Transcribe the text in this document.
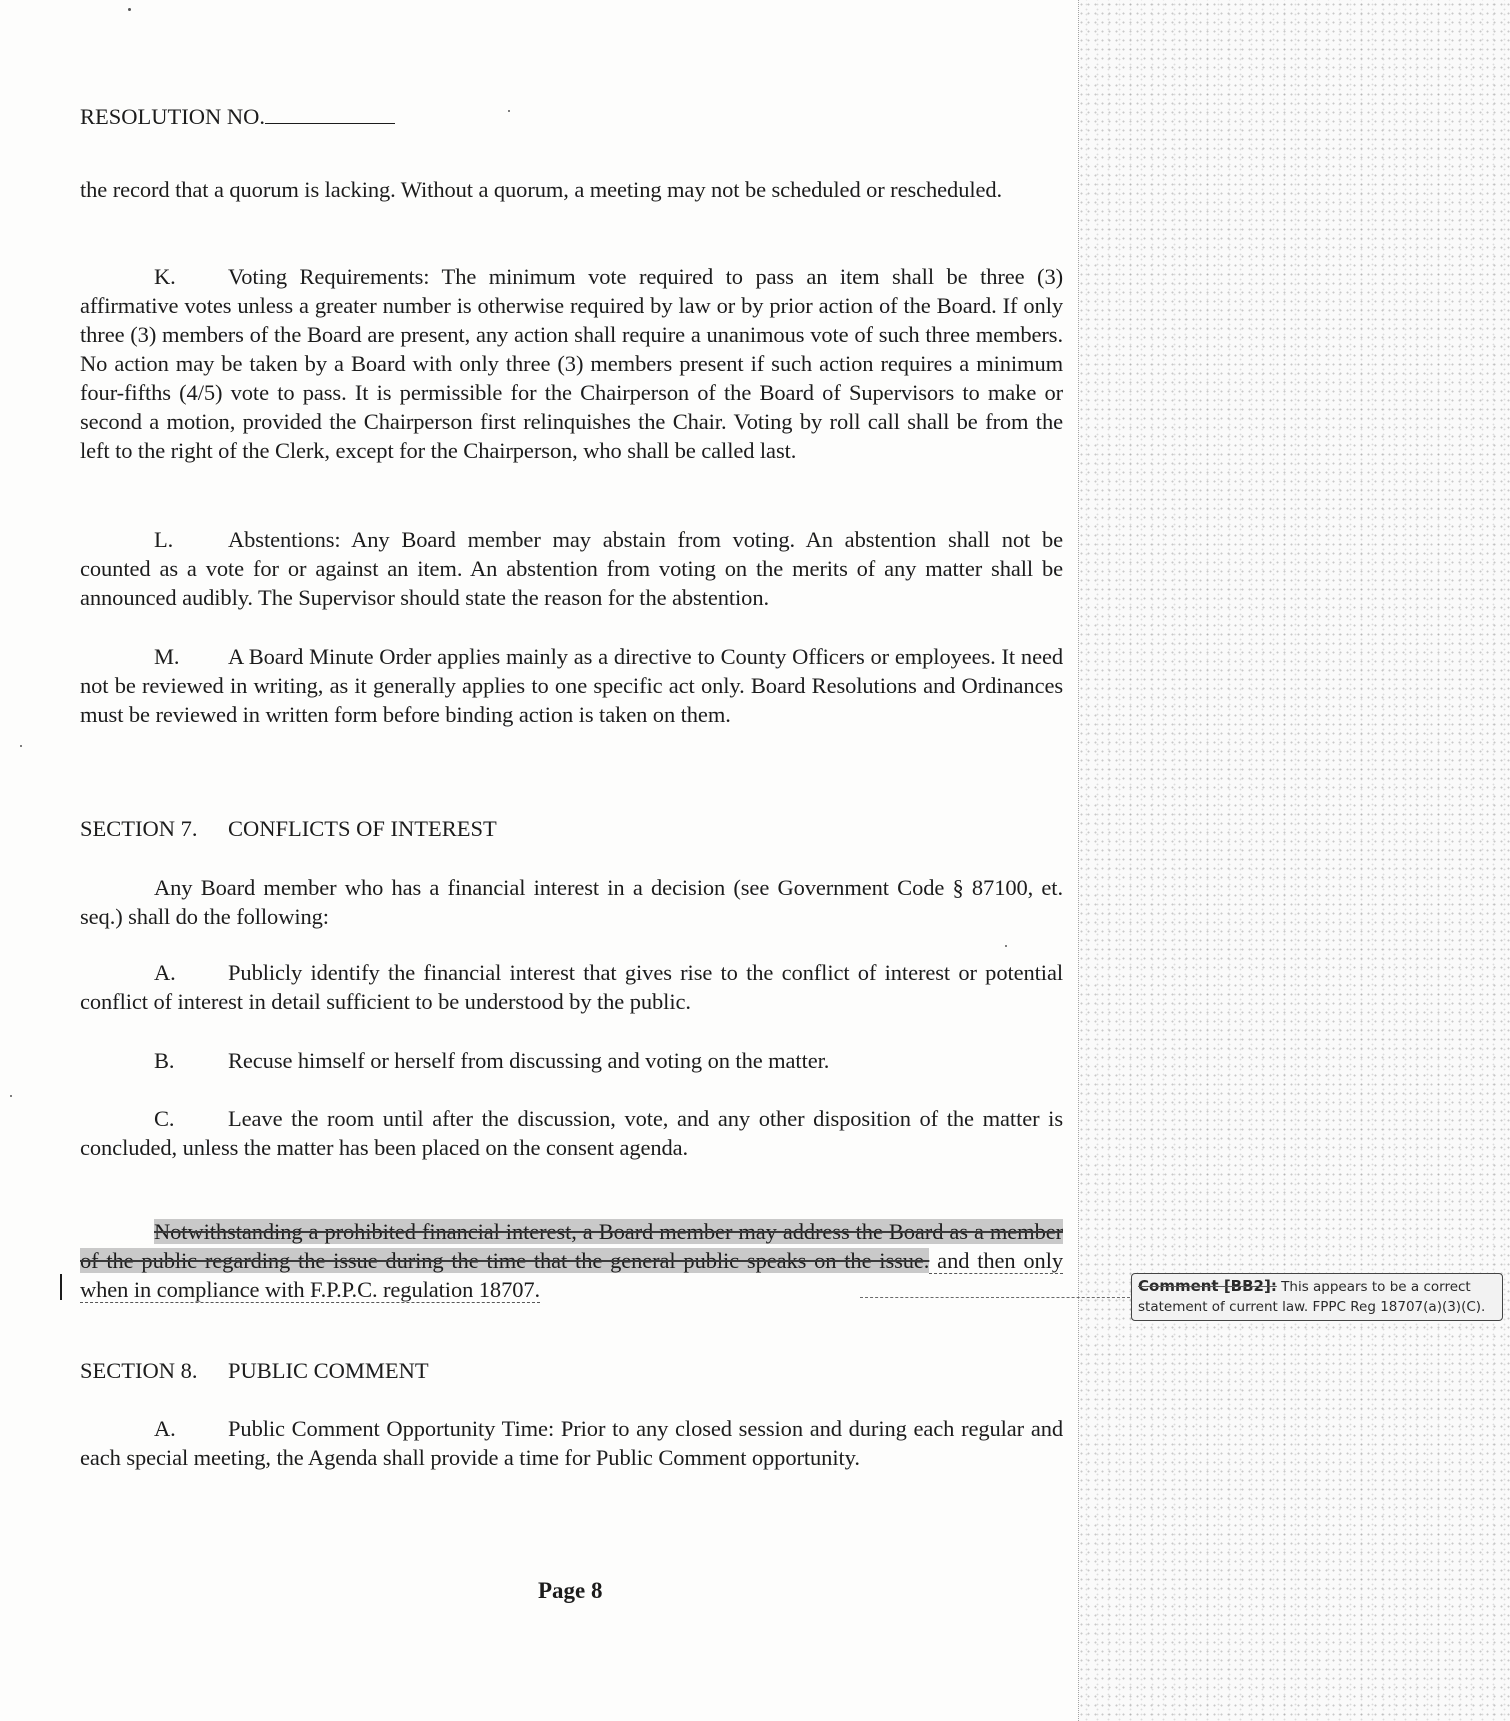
RESOLUTION NO.

the record that a quorum is lacking. Without a quorum, a meeting may not be scheduled or rescheduled.

K. Voting Requirements: The minimum vote required to pass an item shall be three (3) affirmative votes unless a greater number is otherwise required by law or by prior action of the Board. If only three (3) members of the Board are present, any action shall require a unanimous vote of such three members. No action may be taken by a Board with only three (3) members present if such action requires a minimum four-fifths (4/5) vote to pass. It is permissible for the Chairperson of the Board of Supervisors to make or second a motion, provided the Chairperson first relinquishes the Chair. Voting by roll call shall be from the left to the right of the Clerk, except for the Chairperson, who shall be called last.

L. Abstentions: Any Board member may abstain from voting. An abstention shall not be counted as a vote for or against an item. An abstention from voting on the merits of any matter shall be announced audibly. The Supervisor should state the reason for the abstention.

M. A Board Minute Order applies mainly as a directive to County Officers or employees. It need not be reviewed in writing, as it generally applies to one specific act only. Board Resolutions and Ordinances must be reviewed in written form before binding action is taken on them.

SECTION 7. CONFLICTS OF INTEREST

Any Board member who has a financial interest in a decision (see Government Code § 87100, et. seq.) shall do the following:

A. Publicly identify the financial interest that gives rise to the conflict of interest or potential conflict of interest in detail sufficient to be understood by the public.

B. Recuse himself or herself from discussing and voting on the matter.

C. Leave the room until after the discussion, vote, and any other disposition of the matter is concluded, unless the matter has been placed on the consent agenda.

Notwithstanding a prohibited financial interest, a Board member may address the Board as a member of the public regarding the issue during the time that the general public speaks on the issue. and then only when in compliance with F.P.P.C. regulation 18707.	Comment [BB2]: This appears to be a correct statement of current law. FPPC Reg 18707(a)(3)(C).
SECTION 8. PUBLIC COMMENT

A. Public Comment Opportunity Time: Prior to any closed session and during each regular and each special meeting, the Agenda shall provide a time for Public Comment opportunity.

Page 8
